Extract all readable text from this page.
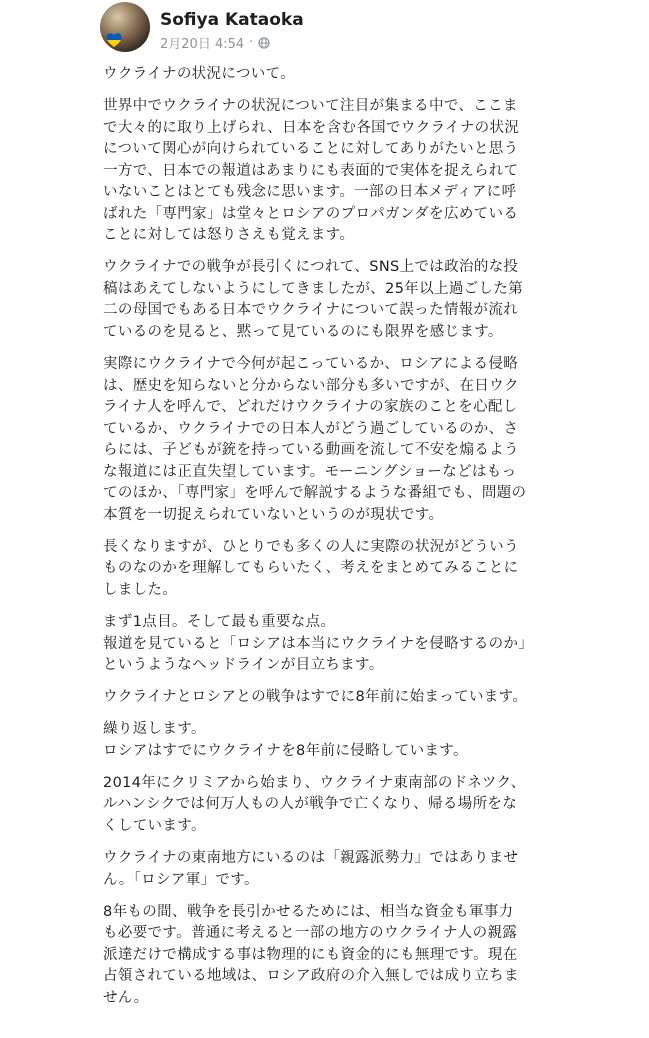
Sofiya Kataoka
2月20日 4:54 ·

ウクライナの状況について。

世界中でウクライナの状況について注目が集まる中で、ここまで大々的に取り上げられ、日本を含む各国でウクライナの状況について関心が向けられていることに対してありがたいと思う一方で、日本での報道はあまりにも表面的で実体を捉えられていないことはとても残念に思います。一部の日本メディアに呼ばれた「専門家」は堂々とロシアのプロパガンダを広めていることに対しては怒りさえも覚えます。

ウクライナでの戦争が長引くにつれて、SNS上では政治的な投稿はあえてしないようにしてきましたが、25年以上過ごした第二の母国でもある日本でウクライナについて誤った情報が流れているのを見ると、黙って見ているのにも限界を感じます。

実際にウクライナで今何が起こっているか、ロシアによる侵略は、歴史を知らないと分からない部分も多いですが、在日ウクライナ人を呼んで、どれだけウクライナの家族のことを心配しているか、ウクライナでの日本人がどう過ごしているのか、さらには、子どもが銃を持っている動画を流して不安を煽るような報道には正直失望しています。モーニングショーなどはもってのほか、「専門家」を呼んで解説するような番組でも、問題の本質を一切捉えられていないというのが現状です。

長くなりますが、ひとりでも多くの人に実際の状況がどういうものなのかを理解してもらいたく、考えをまとめてみることにしました。

まず1点目。そして最も重要な点。
報道を見ていると「ロシアは本当にウクライナを侵略するのか」というようなヘッドラインが目立ちます。

ウクライナとロシアとの戦争はすでに8年前に始まっています。

繰り返します。
ロシアはすでにウクライナを8年前に侵略しています。

2014年にクリミアから始まり、ウクライナ東南部のドネツク、ルハンシクでは何万人もの人が戦争で亡くなり、帰る場所をなくしています。

ウクライナの東南地方にいるのは「親露派勢力」ではありません。「ロシア軍」です。

8年もの間、戦争を長引かせるためには、相当な資金も軍事力も必要です。普通に考えると一部の地方のウクライナ人の親露派達だけで構成する事は物理的にも資金的にも無理です。現在占領されている地域は、ロシア政府の介入無しでは成り立ちません。
